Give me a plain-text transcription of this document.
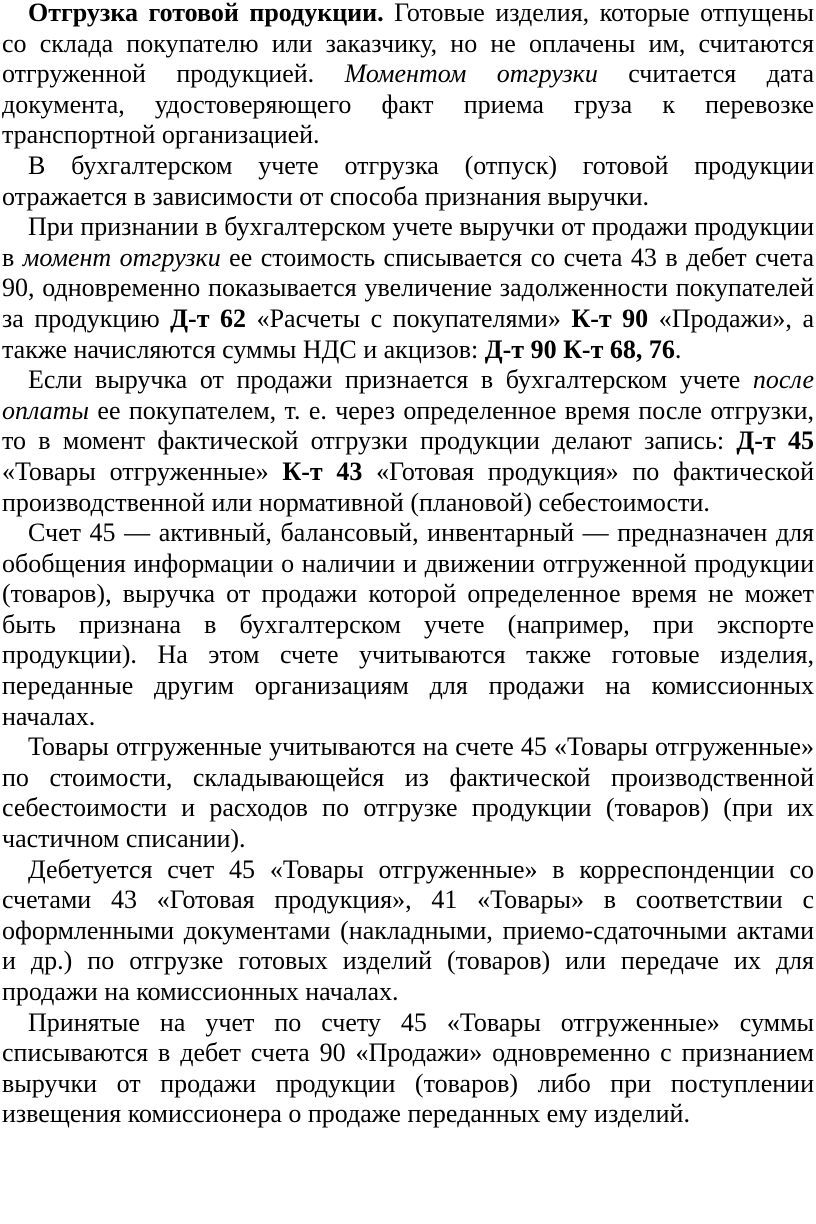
Отгрузка готовой продукции. Готовые изделия, которые отпущены со склада покупателю или заказчику, но не оплачены им, считаются отгруженной продукцией. Моментом отгрузки считается дата документа, удостоверяющего факт приема груза к перевозке транспортной организацией.

В бухгалтерском учете отгрузка (отпуск) готовой продукции отражается в зависимости от способа признания выручки.

При признании в бухгалтерском учете выручки от продажи продукции в момент отгрузки ее стоимость списывается со счета 43 в дебет счета 90, одновременно показывается увеличение задолженности покупателей за продукцию Д-т 62 «Расчеты с покупателями» К-т 90 «Продажи», а также начисляются суммы НДС и акцизов: Д-т 90 К-т 68, 76.

Если выручка от продажи признается в бухгалтерском учете после оплаты ее покупателем, т. е. через определенное время после отгрузки, то в момент фактической отгрузки продукции делают запись: Д-т 45 «Товары отгруженные» К-т 43 «Готовая продукция» по фактической производственной или нормативной (плановой) себестоимости.

Счет 45 — активный, балансовый, инвентарный — предназначен для обобщения информации о наличии и движении отгруженной продукции (товаров), выручка от продажи которой определенное время не может быть признана в бухгалтерском учете (например, при экспорте продукции). На этом счете учитываются также готовые изделия, переданные другим организациям для продажи на комиссионных началах.

Товары отгруженные учитываются на счете 45 «Товары отгруженные» по стоимости, складывающейся из фактической производственной себестоимости и расходов по отгрузке продукции (товаров) (при их частичном списании).

Дебетуется счет 45 «Товары отгруженные» в корреспонденции со счетами 43 «Готовая продукция», 41 «Товары» в соответствии с оформленными документами (накладными, приемо-сдаточными актами и др.) по отгрузке готовых изделий (товаров) или передаче их для продажи на комиссионных началах.

Принятые на учет по счету 45 «Товары отгруженные» суммы списываются в дебет счета 90 «Продажи» одновременно с признанием выручки от продажи продукции (товаров) либо при поступлении извещения комиссионера о продаже переданных ему изделий.
